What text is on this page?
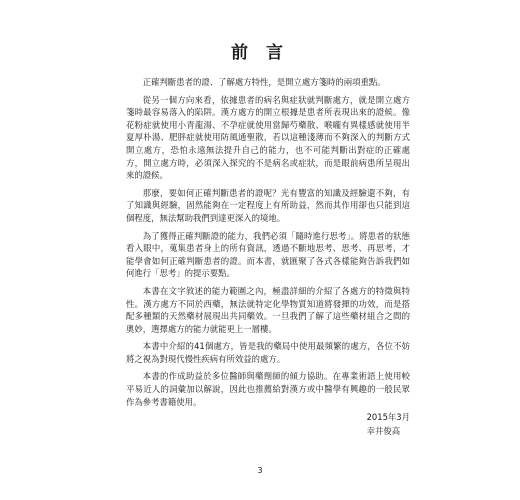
前 言

正確判斷患者的證、了解處方特性，是開立處方箋時的兩項重點。

從另一個方向來看，依據患者的病名與症狀就判斷處方，就是開立處方箋時最容易落入的陷阱。漢方處方的開立根據是患者所表現出來的證候。像花粉症就使用小青龍湯、不孕症就使用當歸芍藥散、喉嚨有異樣感就使用半夏厚朴湯、肥胖症就使用防風通聖散，若以這種淺薄而不夠深入的判斷方式開立處方，恐怕永遠無法提升自己的能力，也不可能判斷出對症的正確處方，開立處方時，必須深入探究的不是病名或症狀，而是眼前病患所呈現出來的證候。

那麼，要如何正確判斷患者的證呢？光有豐富的知識及經驗還不夠，有了知識與經驗，固然能夠在一定程度上有所助益，然而其作用卻也只能到這個程度，無法幫助我們到達更深入的境地。

為了獲得正確判斷證的能力，我們必須「隨時進行思考」。將患者的狀態看入眼中，蒐集患者身上的所有資訊，透過不斷地思考、思考、再思考，才能學會如何正確判斷患者的證。而本書，就匯聚了各式各樣能夠告訴我們如何進行「思考」的提示要點。

本書在文字敘述的能力範圍之內，極盡詳細的介紹了各處方的特徵與特性。漢方處方不同於西藥，無法就特定化學物質知道將發揮的功效，而是搭配多種類的天然藥材展現出共同藥效。一旦我們了解了這些藥材組合之間的奧妙，選擇處方的能力就能更上一層樓。

本書中介紹的41個處方，皆是我的藥局中使用最頻繁的處方，各位不妨將之視為對現代慢性疾病有所效益的處方。

本書的作成助益於多位醫師與藥劑師的傾力協助。在專業術語上使用較平易近人的詞彙加以解說，因此也推薦給對漢方或中醫學有興趣的一般民眾作為參考書籍使用。

2015年3月
幸井俊高
3
